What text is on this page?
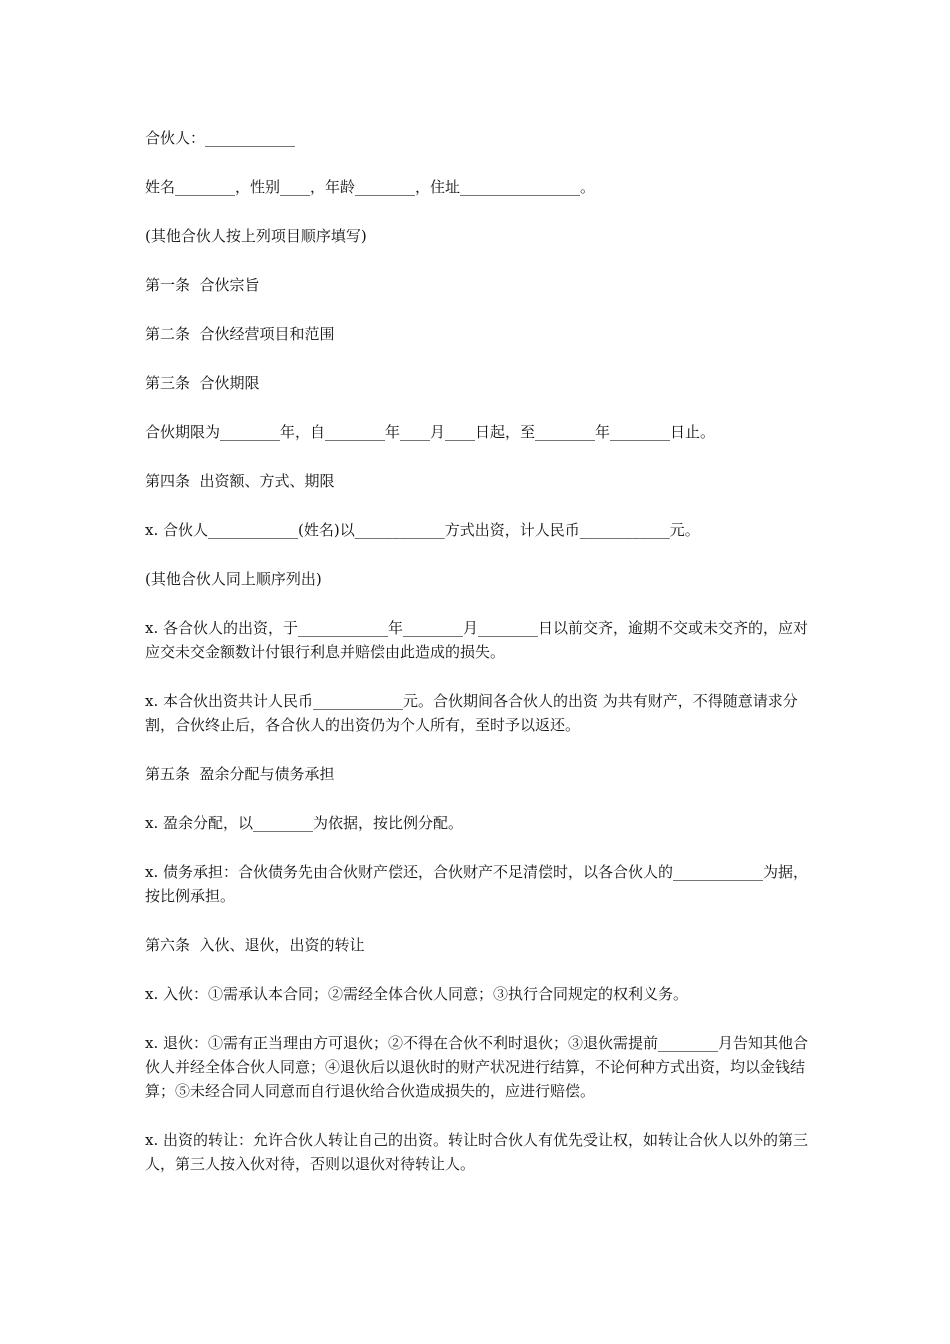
合伙人：____________

姓名________，性别____，年龄________，住址________________。

(其他合伙人按上列项目顺序填写)

第一条  合伙宗旨

第二条  合伙经营项目和范围

第三条  合伙期限

合伙期限为________年，自________年____月____日起，至________年________日止。

第四条  出资额、方式、期限

x. 合伙人____________(姓名)以____________方式出资，计人民币____________元。

(其他合伙人同上顺序列出)

x. 各合伙人的出资，于____________年________月________日以前交齐，逾期不交或未交齐的，应对应交未交金额数计付银行利息并赔偿由此造成的损失。

x. 本合伙出资共计人民币____________元。合伙期间各合伙人的出资 为共有财产，不得随意请求分割，合伙终止后，各合伙人的出资仍为个人所有，至时予以返还。

第五条  盈余分配与债务承担

x. 盈余分配，以________为依据，按比例分配。

x. 债务承担：合伙债务先由合伙财产偿还，合伙财产不足清偿时，以各合伙人的____________为据，按比例承担。

第六条  入伙、退伙，出资的转让

x. 入伙：①需承认本合同；②需经全体合伙人同意；③执行合同规定的权利义务。

x. 退伙：①需有正当理由方可退伙；②不得在合伙不利时退伙；③退伙需提前________月告知其他合伙人并经全体合伙人同意；④退伙后以退伙时的财产状况进行结算，不论何种方式出资，均以金钱结算；⑤未经合同人同意而自行退伙给合伙造成损失的，应进行赔偿。

x. 出资的转让：允许合伙人转让自己的出资。转让时合伙人有优先受让权，如转让合伙人以外的第三人，第三人按入伙对待，否则以退伙对待转让人。
